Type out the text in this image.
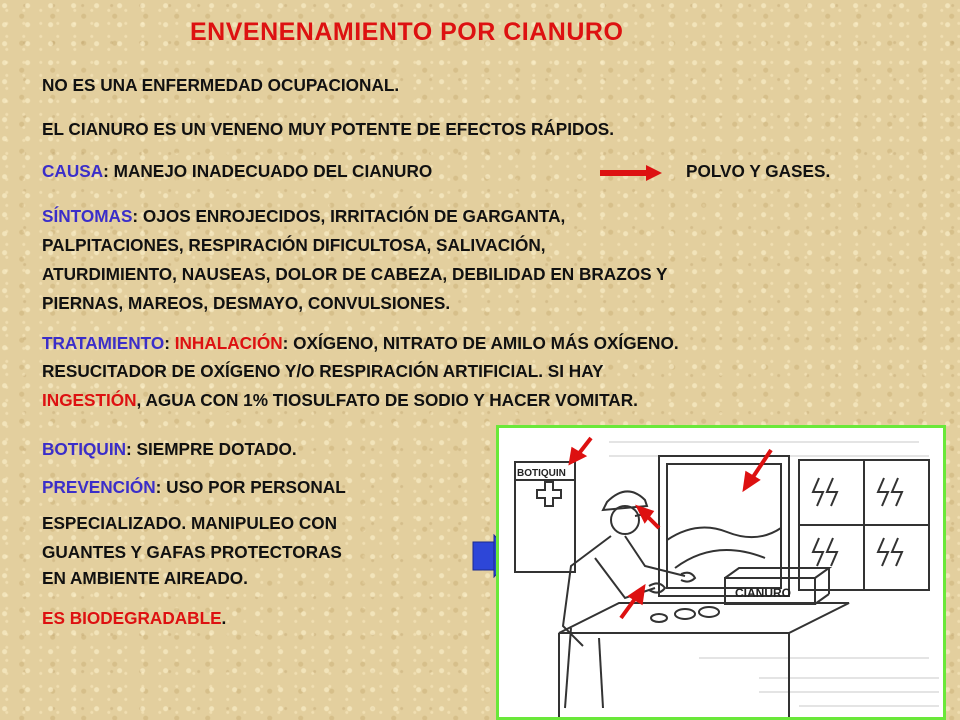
ENVENENAMIENTO POR CIANURO
NO ES UNA ENFERMEDAD OCUPACIONAL.
EL CIANURO ES UN VENENO MUY POTENTE DE EFECTOS RÁPIDOS.
CAUSA: MANEJO INADECUADO DEL CIANURO	POLVO Y GASES.
SÍNTOMAS: OJOS ENROJECIDOS, IRRITACIÓN DE GARGANTA,
PALPITACIONES, RESPIRACIÓN DIFICULTOSA, SALIVACIÓN,
ATURDIMIENTO, NAUSEAS, DOLOR DE CABEZA, DEBILIDAD EN BRAZOS Y
PIERNAS, MAREOS, DESMAYO, CONVULSIONES.
TRATAMIENTO: INHALACIÓN: OXÍGENO, NITRATO DE AMILO MÁS OXÍGENO.
RESUCITADOR DE OXÍGENO Y/O RESPIRACIÓN ARTIFICIAL. SI HAY
INGESTIÓN, AGUA CON 1% TIOSULFATO DE SODIO Y HACER VOMITAR.
BOTIQUIN: SIEMPRE DOTADO.
PREVENCIÓN: USO POR PERSONAL
ESPECIALIZADO. MANIPULEO CON
GUANTES Y GAFAS PROTECTORAS
EN AMBIENTE AIREADO.
ES BIODEGRADABLE.
CIANURO
BOTIQUIN
